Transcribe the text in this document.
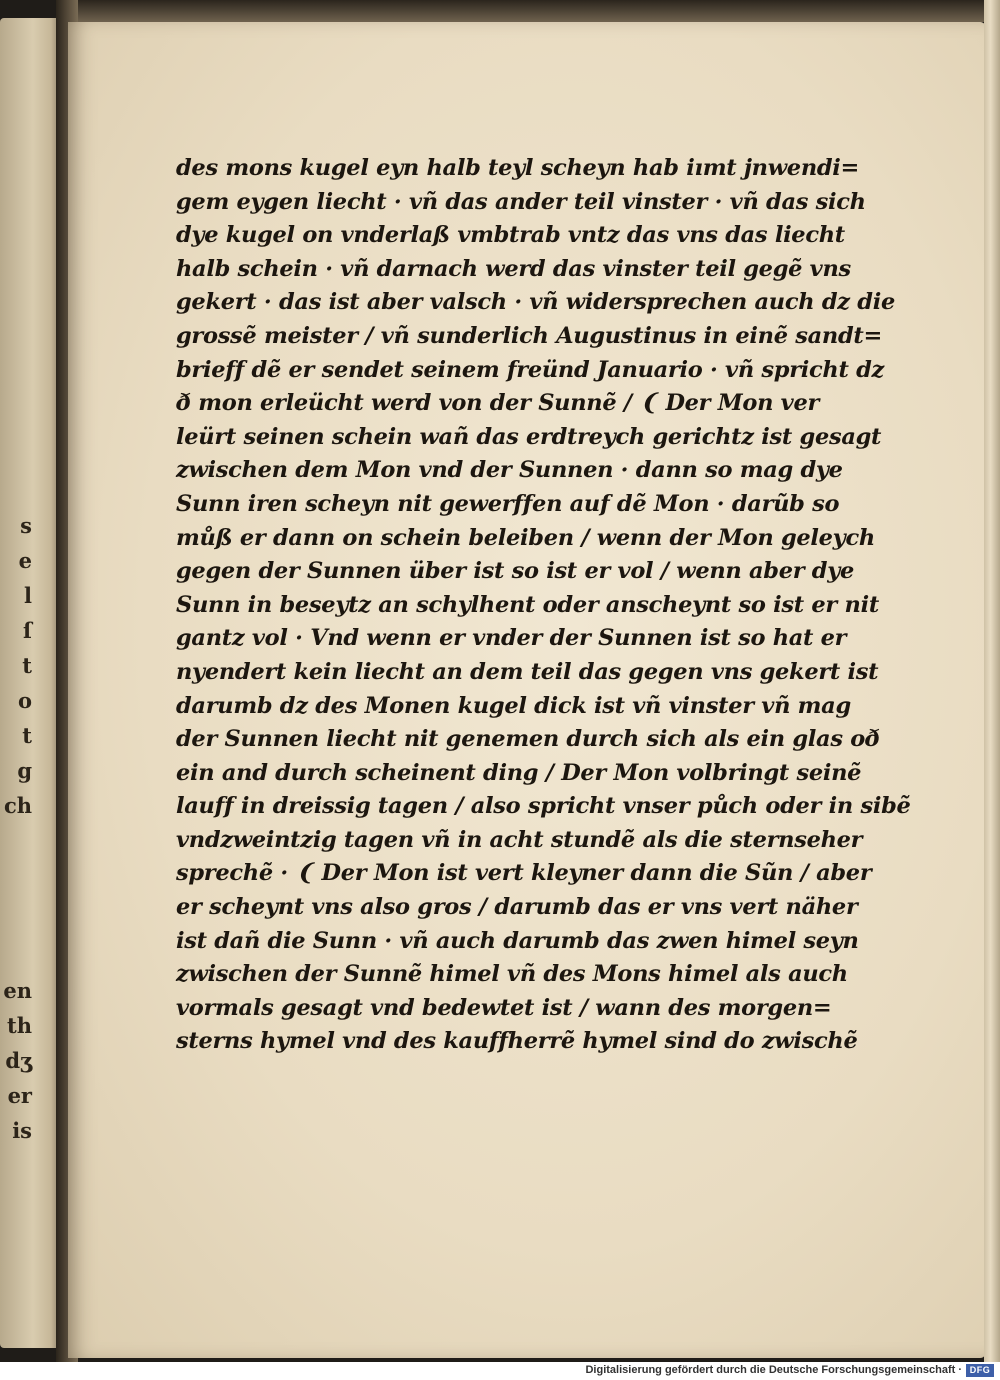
s
e
l
ſ
t
o
t
g
ch
en
th
dʒ
er
is
des mons kugel eyn halb teyl scheyn hab iımt jnwendi=
gem eygen liecht · vñ das ander teil vinster · vñ das sich
dye kugel on vnderlaß vmbtrab vntz das vns das liecht
halb schein · vñ darnach werd das vinster teil gegẽ vns
gekert · das ist aber valsch · vñ widersprechen auch dz die
grossẽ meister / vñ sunderlich Augustinus in einẽ sandt=
brieff dẽ er sendet seinem freünd Januario · vñ spricht dz
ð mon erleücht werd von der Sunnẽ / ❨ Der Mon ver
leürt seinen schein wañ das erdtreych gerichtz ist gesagt
zwischen dem Mon vnd der Sunnen · dann so mag dye
Sunn iren scheyn nit gewerffen auf dẽ Mon · darũb so
můß er dann on schein beleiben / wenn der Mon geleych
gegen der Sunnen über ist so ist er vol / wenn aber dye
Sunn in beseytz an schylhent oder anscheynt so ist er nit
gantz vol · Vnd wenn er vnder der Sunnen ist so hat er
nyendert kein liecht an dem teil das gegen vns gekert ist
darumb dz des Monen kugel dick ist vñ vinster vñ mag
der Sunnen liecht nit genemen durch sich als ein glas oð
ein and durch scheinent ding / Der Mon volbringt seinẽ
lauff in dreissig tagen / also spricht vnser půch oder in sibẽ
vndzweintzig tagen vñ in acht stundẽ als die sternseher
sprechẽ · ❨ Der Mon ist vert kleyner dann die Sũn / aber
er scheynt vns also gros / darumb das er vns vert näher
ist dañ die Sunn · vñ auch darumb das zwen himel seyn
zwischen der Sunnẽ himel vñ des Mons himel als auch
vormals gesagt vnd bedewtet ist / wann des morgen=
sterns hymel vnd des kauffherrẽ hymel sind do zwischẽ
Digitalisierung gefördert durch die Deutsche Forschungsgemeinschaft · DFG
